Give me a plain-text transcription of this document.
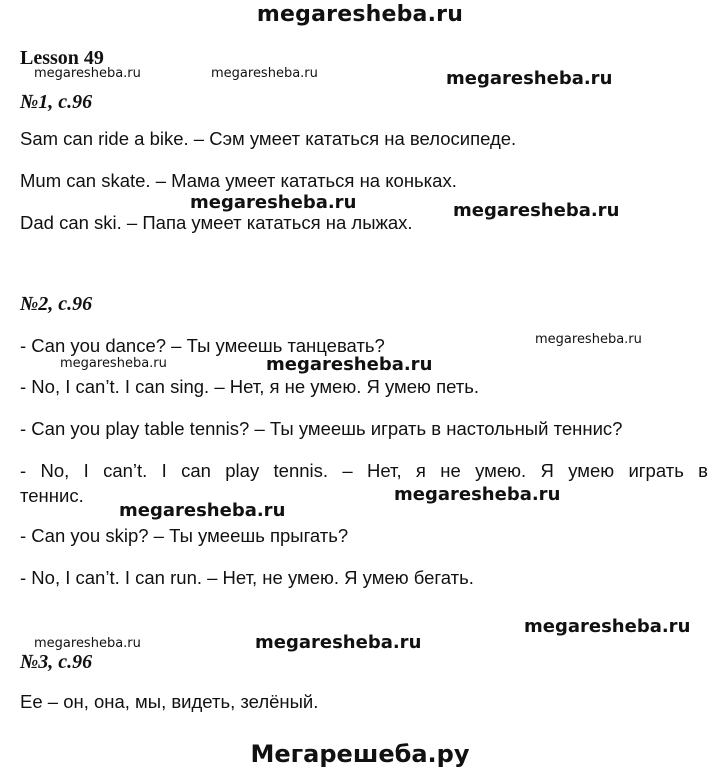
megaresheba.ru
Lesson 49
№1, с.96
Sam can ride a bike. – Сэм умеет кататься на велосипеде.
Mum can skate. – Мама умеет кататься на коньках.
Dad can ski. – Папа умеет кататься на лыжах.
№2, с.96
- Can you dance? – Ты умеешь танцевать?
- No, I can’t. I can sing. – Нет, я не умею. Я умею петь.
- Can you play table tennis? – Ты умеешь играть в настольный теннис?
- No, I can’t. I can play tennis. – Нет, я не умею. Я умею играть в
теннис.
- Can you skip? – Ты умеешь прыгать?
- No, I can’t. I can run. – Нет, не умею. Я умею бегать.
№3, с.96
Ee – он, она, мы, видеть, зелёный.
megaresheba.ru	megaresheba.ru	megaresheba.ru
megaresheba.ru	megaresheba.ru
megaresheba.ru
megaresheba.ru	megaresheba.ru
megaresheba.ru
megaresheba.ru
megaresheba.ru
megaresheba.ru	megaresheba.ru
Мегарешеба.ру
